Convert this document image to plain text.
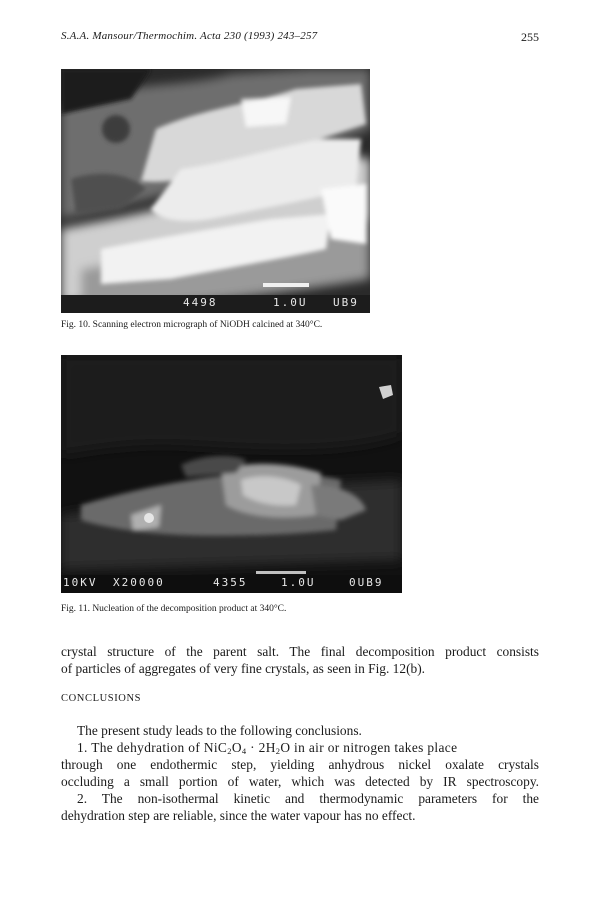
S.A.A. Mansour/Thermochim. Acta 230 (1993) 243–257	255
4498	1.0U UB9
Fig. 10. Scanning electron micrograph of NiODH calcined at 340°C.
10KV X20000	4355	1.0U	0UB9
Fig. 11. Nucleation of the decomposition product at 340°C.
crystal structure of the parent salt. The final decomposition product consists
of particles of aggregates of very fine crystals, as seen in Fig. 12(b).
CONCLUSIONS
The present study leads to the following conclusions.
1. The dehydration of $NiC_2O_4 \cdot 2H_2O$ in air or nitrogen takes place
through one endothermic step, yielding anhydrous nickel oxalate crystals
occluding a small portion of water, which was detected by IR spectroscopy.
2. The non-isothermal kinetic and thermodynamic parameters for the
dehydration step are reliable, since the water vapour has no effect.
